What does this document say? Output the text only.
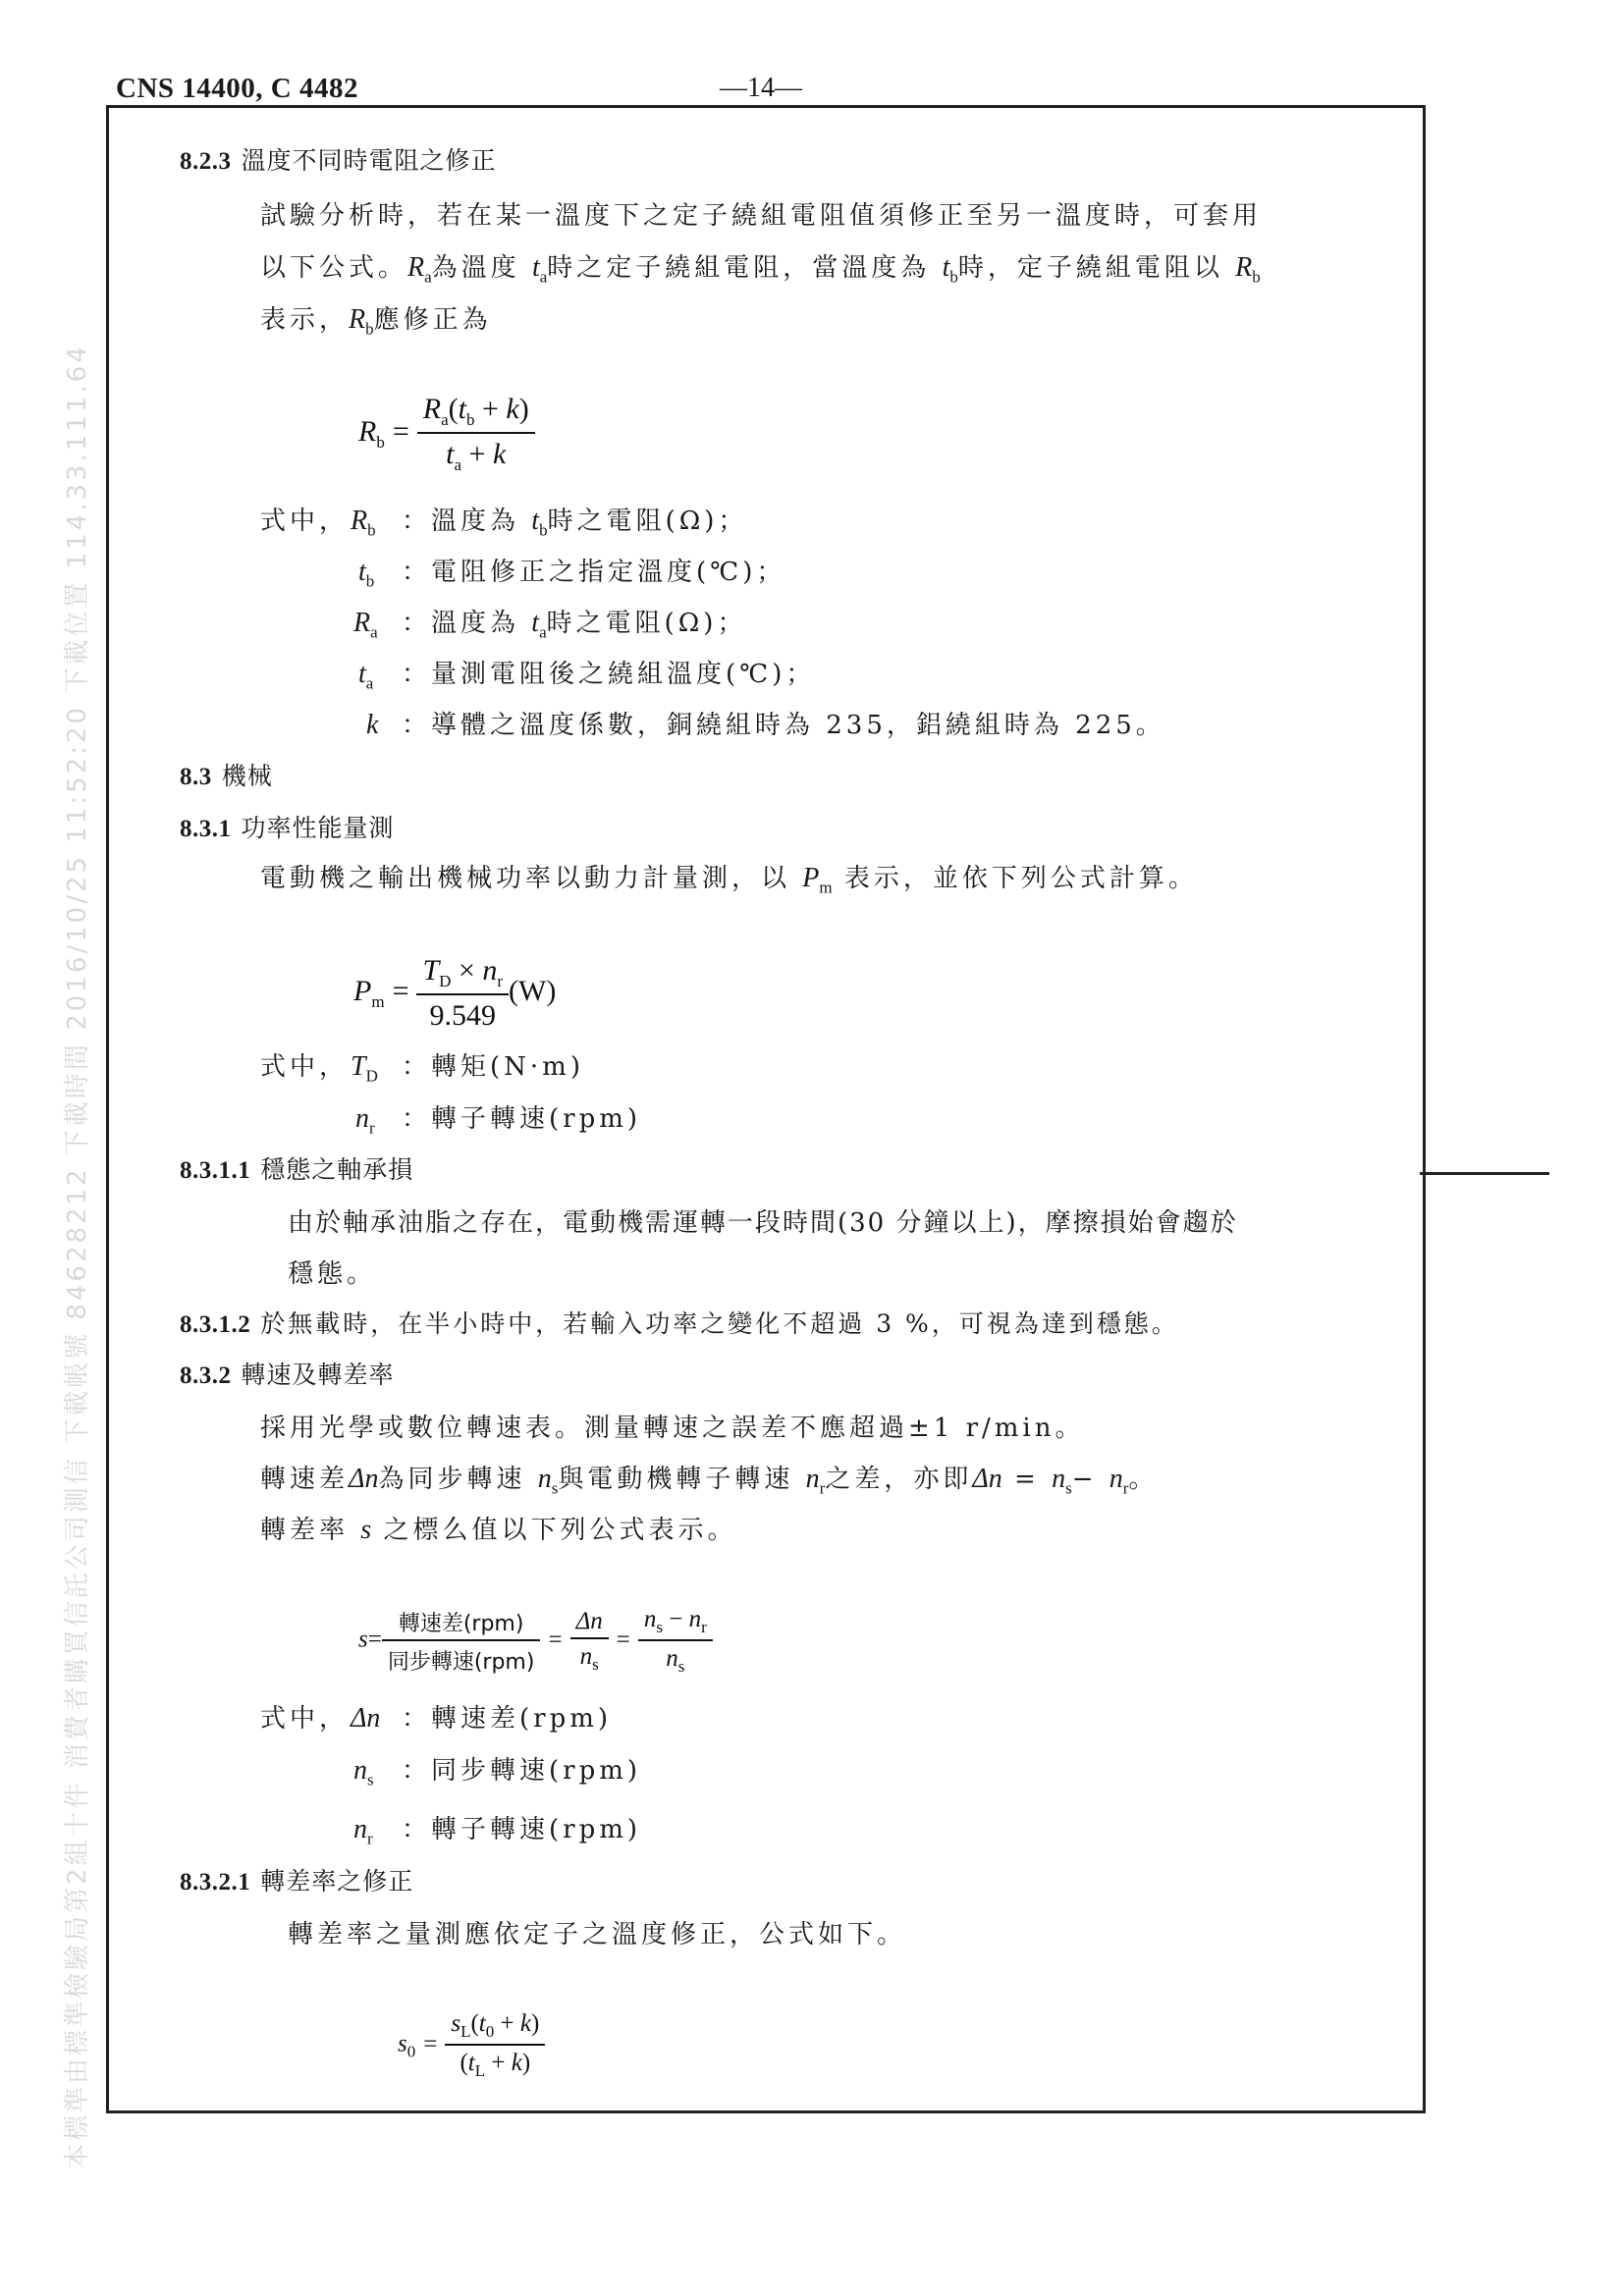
CNS 14400, C 4482	—14—
本標準由標準檢驗局第2組十件 消費者購買信託公司測信 下載帳號 84628212 下載時間 2016/10/25 11:52:20 下載位置 114.33.111.64
8.2.3 溫度不同時電阻之修正
試驗分析時，若在某一溫度下之定子繞組電阻值須修正至另一溫度時，可套用
以下公式。$R_a$為溫度 $t_a$時之定子繞組電阻，當溫度為 $t_b$時，定子繞組電阻以 $R_b$
表示，$R_b$應修正為
$R_b = \frac{R_a(t_b + k)}{t_a + k}$
式中， $R_b$ ：溫度為 $t_b$時之電阻(Ω)；
$t_b$ ：電阻修正之指定溫度(℃)；
$R_a$ ：溫度為 $t_a$時之電阻(Ω)；
$t_a$ ：量測電阻後之繞組溫度(℃)；
k ：導體之溫度係數，銅繞組時為 235，鋁繞組時為 225。
8.3 機械
8.3.1 功率性能量測
電動機之輸出機械功率以動力計量測，以 $P_m$ 表示，並依下列公式計算。
$P_m = \frac{T_D \times n_r}{9.549} (W)$
式中， $T_D$ ：轉矩(N·m)
$n_r$ ：轉子轉速(rpm)
8.3.1.1 穩態之軸承損
由於軸承油脂之存在，電動機需運轉一段時間(30 分鐘以上)，摩擦損始會趨於
穩態。
8.3.1.2 於無載時，在半小時中，若輸入功率之變化不超過 3 %，可視為達到穩態。
8.3.2 轉速及轉差率
採用光學或數位轉速表。測量轉速之誤差不應超過±1 r/min。
轉速差Δn為同步轉速 $n_s$與電動機轉子轉速 $n_r$之差，亦即$\Delta n = n_s- n_r$。
轉差率 s 之標么值以下列公式表示。
$s= \frac{\text{轉速差(rpm)}}{\text{同步轉速(rpm)}} = \frac{\Delta n}{n_s} = \frac{n_s - n_r}{n_s}$
式中， Δn ：轉速差(rpm)
$n_s$ ：同步轉速(rpm)
$n_r$ ：轉子轉速(rpm)
8.3.2.1 轉差率之修正
轉差率之量測應依定子之溫度修正，公式如下。
$s_0 = \frac{s_L(t_0 + k)}{(t_L + k)}$
